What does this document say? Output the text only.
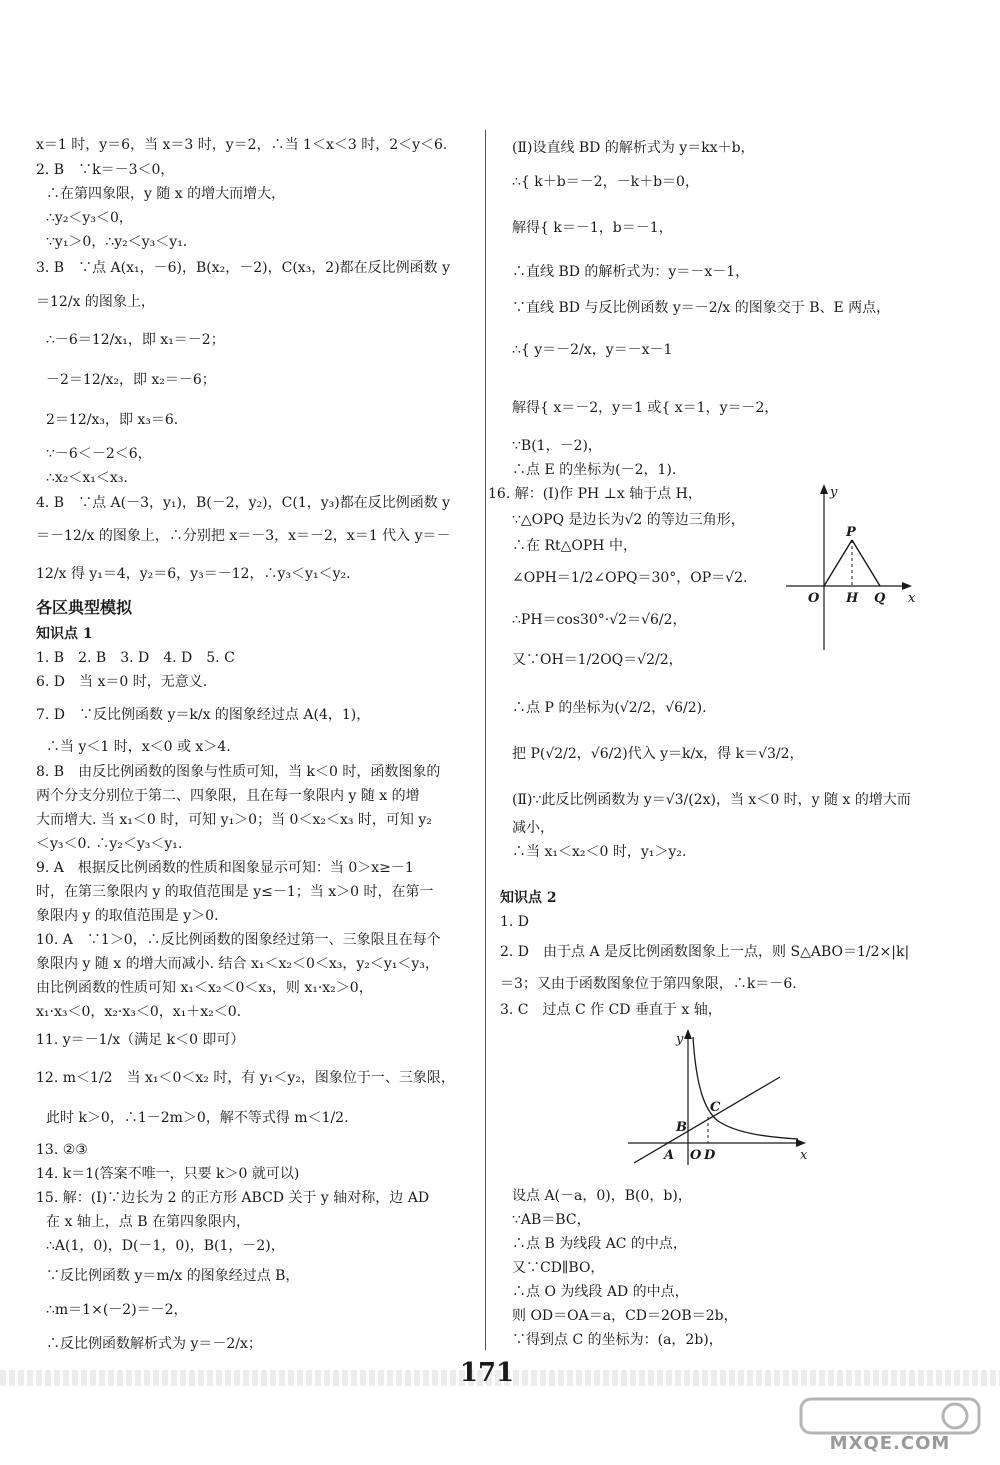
x＝1 时，y＝6，当 x＝3 时，y＝2，∴当 1＜x＜3 时，2＜y＜6.
2. B　∵k＝－3＜0，
∴在第四象限，y 随 x 的增大而增大，
∴y₂＜y₃＜0，
∵y₁＞0，∴y₂＜y₃＜y₁.
3. B　∵点 A(x₁，－6)，B(x₂，－2)，C(x₃，2)都在反比例函数 y
＝12/x 的图象上，
∴－6＝12/x₁，即 x₁＝－2；
－2＝12/x₂，即 x₂＝－6；
2＝12/x₃，即 x₃＝6.
∵－6＜－2＜6，
∴x₂＜x₁＜x₃.
4. B　∵点 A(－3，y₁)，B(－2，y₂)，C(1，y₃)都在反比例函数 y
＝－12/x 的图象上，∴分别把 x＝－3，x＝－2，x＝1 代入 y＝－
12/x 得 y₁＝4，y₂＝6，y₃＝－12，∴y₃＜y₁＜y₂.
各区典型模拟
知识点 1
1. B　2. B　3. D　4. D　5. C
6. D　当 x＝0 时，无意义.
7. D　∵反比例函数 y＝k/x 的图象经过点 A(4，1)，
∴当 y＜1 时，x＜0 或 x＞4.
8. B　由反比例函数的图象与性质可知，当 k＜0 时，函数图象的
两个分支分别位于第二、四象限，且在每一象限内 y 随 x 的增
大而增大. 当 x₁＜0 时，可知 y₁＞0；当 0＜x₂＜x₃ 时，可知 y₂
＜y₃＜0. ∴y₂＜y₃＜y₁.
9. A　根据反比例函数的性质和图象显示可知：当 0＞x≥－1
时，在第三象限内 y 的取值范围是 y≤－1；当 x＞0 时，在第一
象限内 y 的取值范围是 y＞0.
10. A　∵1＞0，∴反比例函数的图象经过第一、三象限且在每个
象限内 y 随 x 的增大而减小. 结合 x₁＜x₂＜0＜x₃，y₂＜y₁＜y₃，
由比例函数的性质可知 x₁＜x₂＜0＜x₃，则 x₁·x₂＞0，
x₁·x₃＜0，x₂·x₃＜0，x₁＋x₂＜0.
11. y＝－1/x（满足 k＜0 即可）
12. m＜1/2　当 x₁＜0＜x₂ 时，有 y₁＜y₂，图象位于一、三象限，
此时 k＞0，∴1－2m＞0，解不等式得 m＜1/2.
13. ②③
14. k＝1(答案不唯一，只要 k＞0 就可以)
15. 解：(Ⅰ)∵边长为 2 的正方形 ABCD 关于 y 轴对称，边 AD
在 x 轴上，点 B 在第四象限内，
∴A(1，0)，D(－1，0)，B(1，－2)，
∵反比例函数 y＝m/x 的图象经过点 B，
∴m＝1×(－2)＝－2，
∴反比例函数解析式为 y＝－2/x；
(Ⅱ)设直线 BD 的解析式为 y＝kx＋b，
∴{ k＋b＝－2，－k＋b＝0，
解得{ k＝－1，b＝－1，
∴直线 BD 的解析式为：y＝－x－1，
∵直线 BD 与反比例函数 y＝－2/x 的图象交于 B、E 两点，
∴{ y＝－2/x，y＝－x－1
解得{ x＝－2，y＝1 或{ x＝1，y＝－2，
∵B(1，－2)，
∴点 E 的坐标为(－2，1).
16. 解：(Ⅰ)作 PH ⊥x 轴于点 H，
∵△OPQ 是边长为√2 的等边三角形，
∴在 Rt△OPH 中，
∠OPH＝1/2∠OPQ＝30°，OP＝√2.
∴PH＝cos30°·√2＝√6/2，
又∵OH＝1/2OQ＝√2/2，
∴点 P 的坐标为(√2/2，√6/2).
把 P(√2/2，√6/2)代入 y＝k/x，得 k＝√3/2，
(Ⅱ)∵此反比例函数为 y＝√3/(2x)，当 x＜0 时，y 随 x 的增大而
减小，
∴当 x₁＜x₂＜0 时，y₁＞y₂.
知识点 2
1. D
2. D　由于点 A 是反比例函数图象上一点，则 S△ABO＝1/2×|k|
＝3；又由于函数图象位于第四象限，∴k＝－6.
3. C　过点 C 作 CD 垂直于 x 轴，
设点 A(－a，0)，B(0，b)，
∵AB＝BC，
∴点 B 为线段 AC 的中点，
又∵CD∥BO，
∴点 O 为线段 AD 的中点，
则 OD＝OA＝a，CD＝2OB＝2b，
∵得到点 C 的坐标为：(a，2b)，
y
x
P
O H Q
y
x
C
B
A O D
171
MXQE.COM
